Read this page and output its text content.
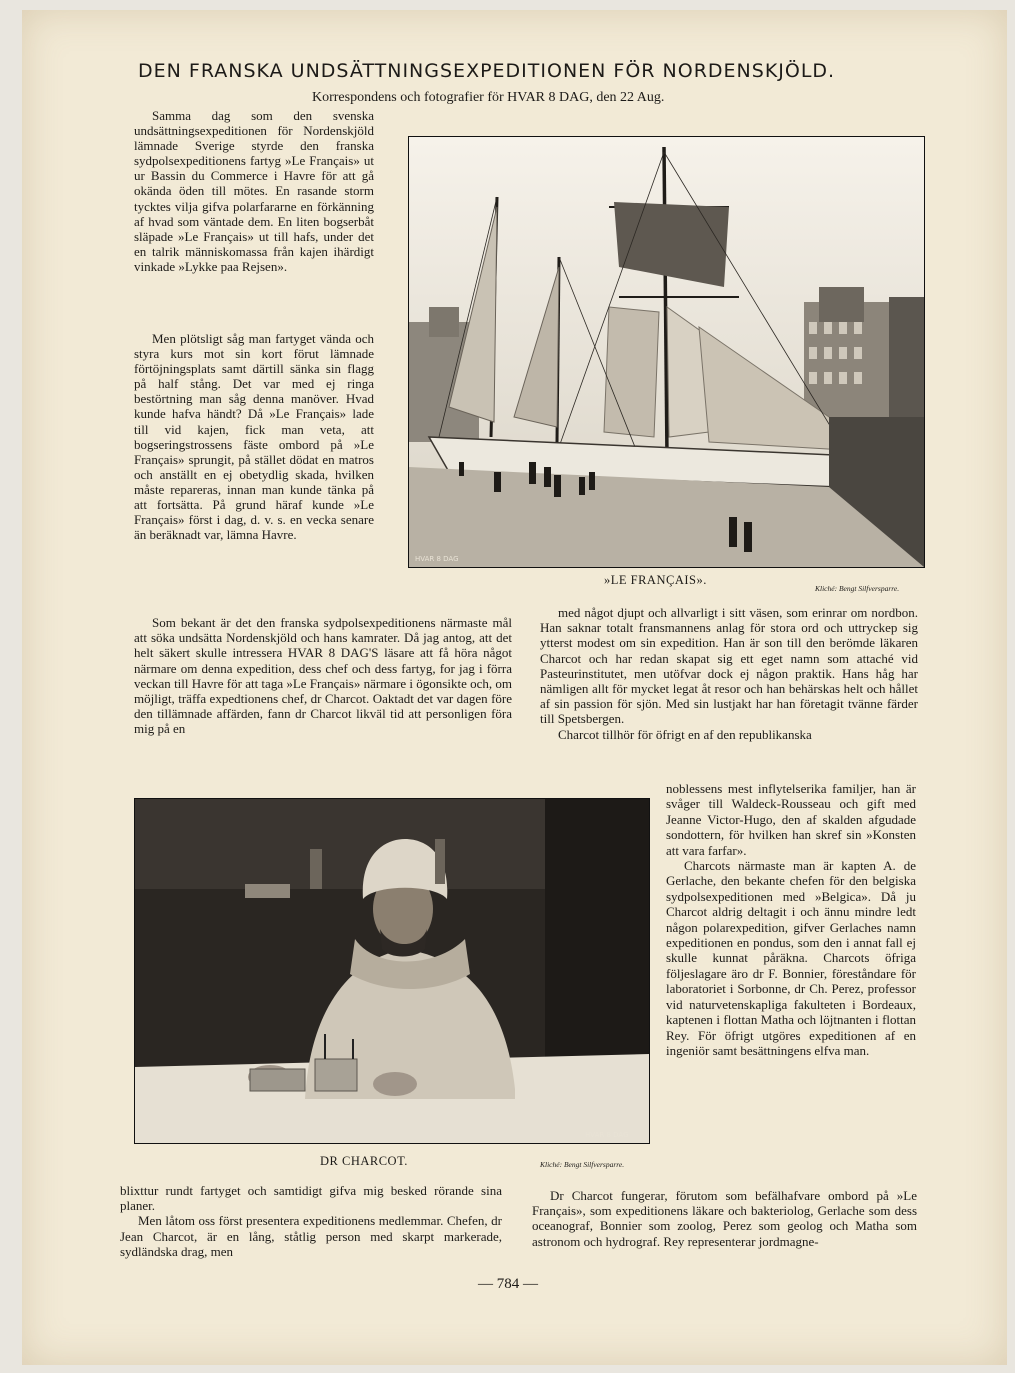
DEN FRANSKA UNDSÄTTNINGSEXPEDITIONEN FÖR NORDENSKJÖLD.
Korrespondens och fotografier för HVAR 8 DAG, den 22 Aug.

Samma dag som den svenska undsättningsexpeditionen för Nordenskjöld lämnade Sverige styrde den franska sydpolsexpeditionens fartyg »Le Français» ut ur Bassin du Commerce i Havre för att gå okända öden till mötes. En rasande storm tycktes vilja gifva polarfararne en förkänning af hvad som väntade dem. En liten bogserbåt släpade »Le Français» ut till hafs, under det en talrik människomassa från kajen ihärdigt vinkade »Lykke paa Rejsen».

Men plötsligt såg man fartyget vända och styra kurs mot sin kort förut lämnade förtöjningsplats samt därtill sänka sin flagg på half stång. Det var med ej ringa bestörtning man såg denna manöver. Hvad kunde hafva händt? Då »Le Français» lade till vid kajen, fick man veta, att bogseringstrossens fäste ombord på »Le Français» sprungit, på stället dödat en matros och anställt en ej obetydlig skada, hvilken måste repareras, innan man kunde tänka på att fortsätta. På grund häraf kunde »Le Français» först i dag, d. v. s. en vecka senare än beräknadt var, lämna Havre.

Som bekant är det den franska sydpolsexpeditionens närmaste mål att söka undsätta Nordenskjöld och hans kamrater. Då jag antog, att det helt säkert skulle intressera HVAR 8 DAG'S läsare att få höra något närmare om denna expedition, dess chef och dess fartyg, for jag i förra veckan till Havre för att taga »Le Français» närmare i ögonsikte och, om möjligt, träffa expedtionens chef, dr Charcot. Oaktadt det var dagen före den tillämnade affärden, fann dr Charcot likväl tid att personligen föra mig på en

HVAR 8 DAG
»LE FRANÇAIS».
Kliché: Bengt Silfversparre.

med något djupt och allvarligt i sitt väsen, som erinrar om nordbon. Han saknar totalt fransmannens anlag för stora ord och uttryckер sig ytterst modest om sin expedition. Han är son till den berömde läkaren Charcot och har redan skapat sig ett eget namn som attaché vid Pasteurinstitutet, men utöfvar dock ej någon praktik. Hans håg har nämligen allt för mycket legat åt resor och han behärskas helt och hållet af sin passion för sjön. Med sin lustjakt har han företagit tvänne färder till Spetsbergen.

Charcot tillhör för öfrigt en af den republikanska

HVAR 8 DAG
DR CHARCOT.	Kliché: Bengt Silfversparre.

noblessens mest inflytelserika familjer, han är svåger till Waldeck-Rousseau och gift med Jeanne Victor-Hugo, den af skalden afgudade sondottern, för hvilken han skref sin »Konsten att vara farfar».

Charcots närmaste man är kapten A. de Gerlache, den bekante chefen för den belgiska sydpolsexpeditionen med »Belgica». Då ju Charcot aldrig deltagit i och ännu mindre ledt någon polarexpedition, gifver Gerlaches namn expeditionen en pondus, som den i annat fall ej skulle kunnat påräkna. Charcots öfriga följeslagare äro dr F. Bonnier, föreståndare för laboratoriet i Sorbonne, dr Ch. Perez, professor vid naturvetenskapliga fakulteten i Bordeaux, kaptenen i flottan Matha och löjtnanten i flottan Rey. För öfrigt utgöres expeditionen af en ingeniör samt besättningens elfva man.

blixttur rundt fartyget och samtidigt gifva mig besked rörande sina planer.

Men låtom oss först presentera expeditionens medlemmar. Chefen, dr Jean Charcot, är en lång, ståtlig person med skarpt markerade, sydländska drag, men

Dr Charcot fungerar, förutom som befälhafvare ombord på »Le Français», som expeditionens läkare och bakteriolog, Gerlache som dess oceanograf, Bonnier som zoolog, Perez som geolog och Matha som astronom och hydrograf. Rey representerar jordmagne-

— 784 —
